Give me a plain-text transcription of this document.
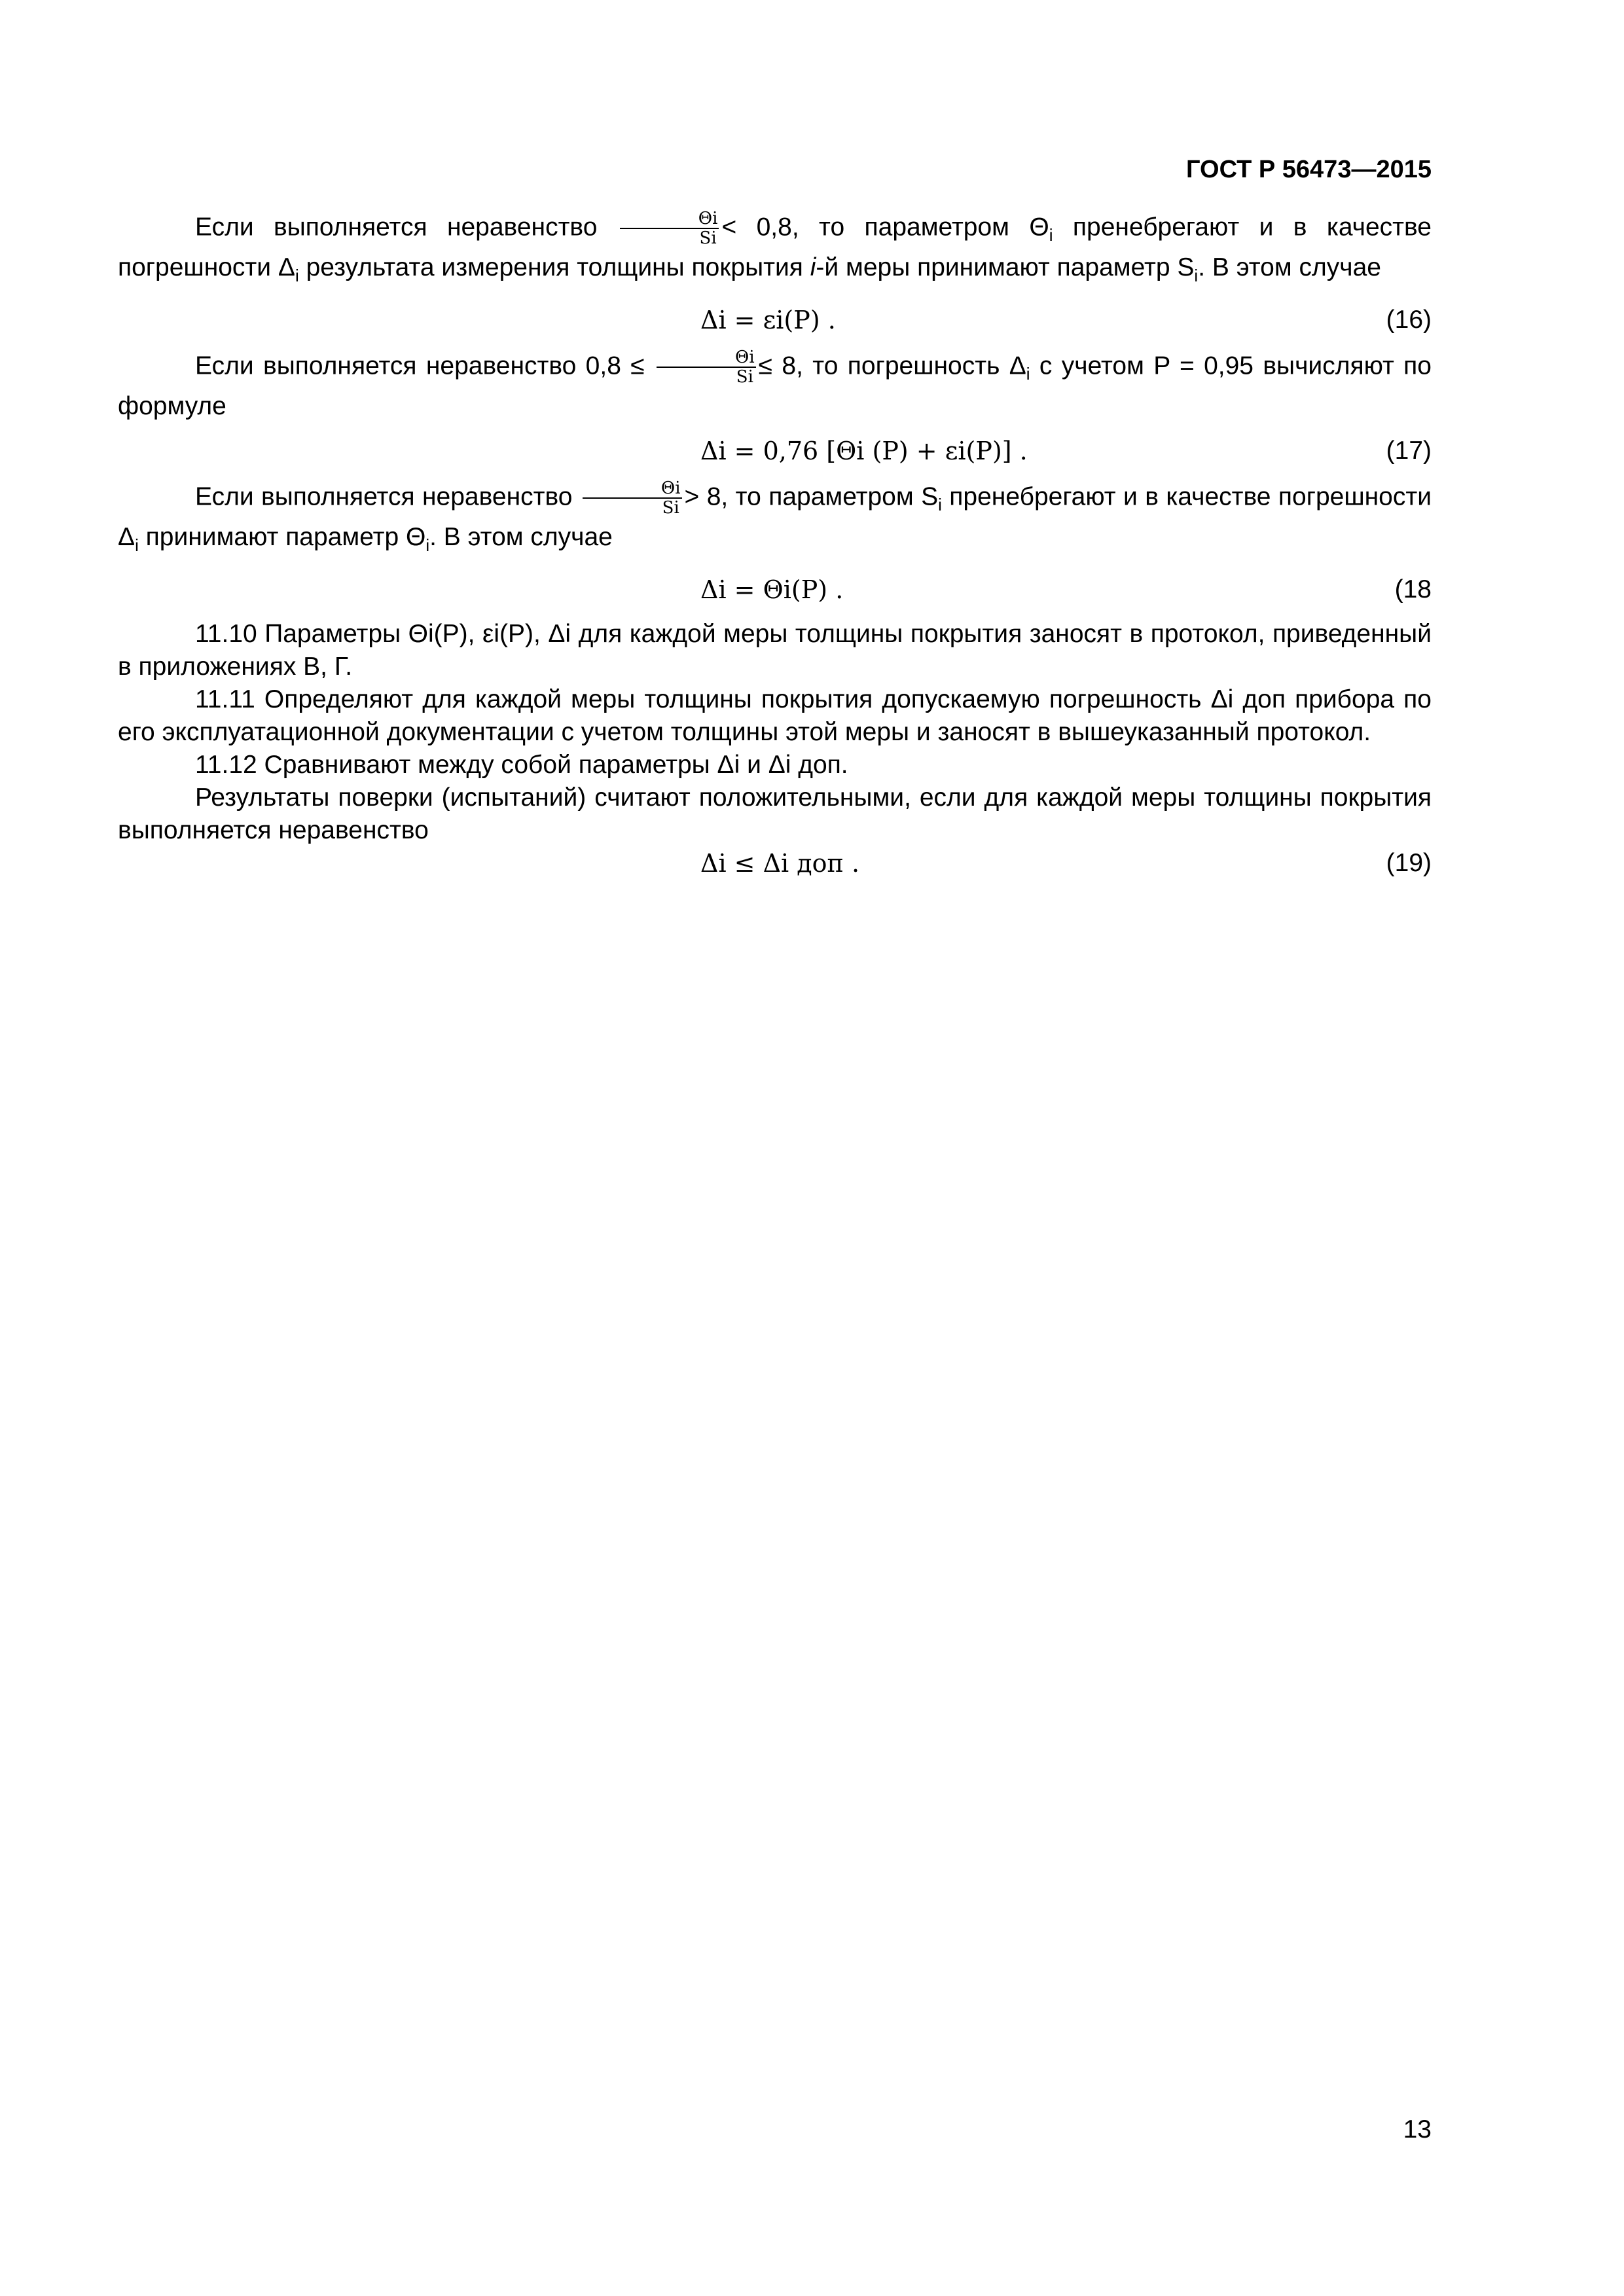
ГОСТ Р 56473—2015

Если выполняется неравенство $\frac{\Theta i}{Si} < 0,8$, то параметром $\Theta_i$ пренебрегают и в качестве погрешности $\Delta_i$ результата измерения толщины покрытия i-й меры принимают параметр $S_i$. В этом случае

Δi = εi(P) .	(16)

Если выполняется неравенство $0,8 \le \frac{\Theta i}{Si} \le 8$, то погрешность $\Delta_i$ с учетом P = 0,95 вычисляют по формуле

Δi = 0,76 [Θi (P) + εi(P)] .	(17)

Если выполняется неравенство $\frac{\Theta i}{Si} > 8$, то параметром $S_i$ пренебрегают и в качестве погрешности $\Delta_i$ принимают параметр $\Theta_i$. В этом случае

Δi = Θi(P) .	(18

11.10 Параметры Θi(P), εi(P), Δi для каждой меры толщины покрытия заносят в протокол, приведенный в приложениях В, Г.

11.11 Определяют для каждой меры толщины покрытия допускаемую погрешность Δi доп прибора по его эксплуатационной документации с учетом толщины этой меры и заносят в вышеуказанный протокол.

11.12 Сравнивают между собой параметры Δi и Δi доп.

Результаты поверки (испытаний) считают положительными, если для каждой меры толщины покрытия выполняется неравенство

Δi ≤ Δi доп .	(19)
13
